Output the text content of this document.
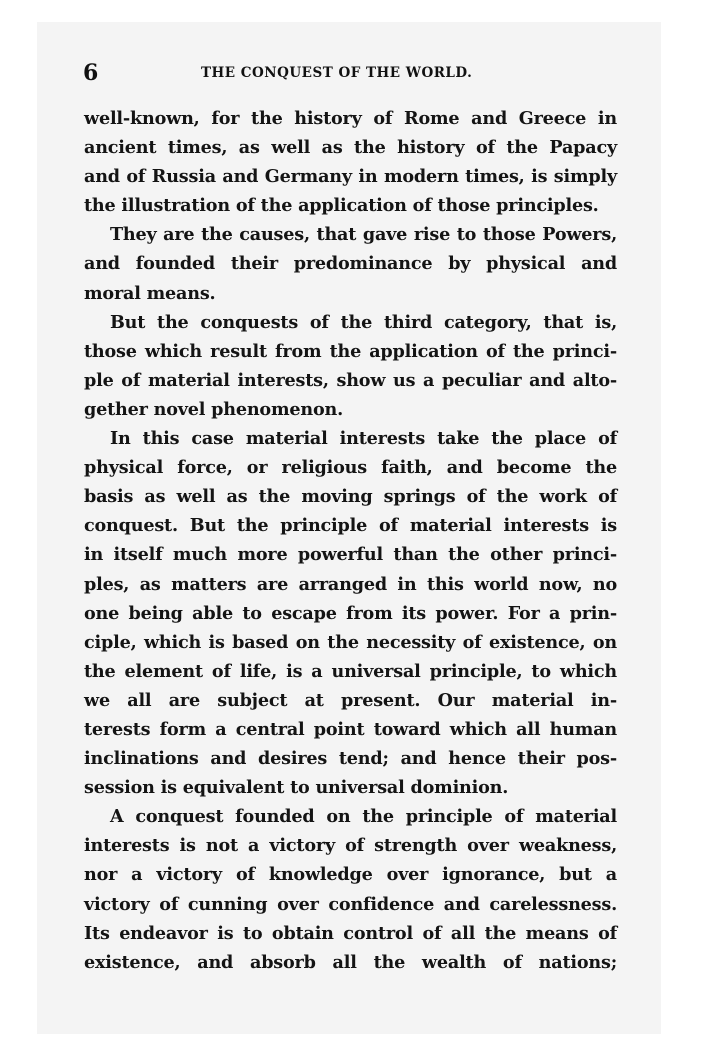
6	THE CONQUEST OF THE WORLD.
well-known, for the history of Rome and Greece in
ancient times, as well as the history of the Papacy
and of Russia and Germany in modern times, is simply
the illustration of the application of those principles.
They are the causes, that gave rise to those Powers,
and founded their predominance by physical and
moral means.
But the conquests of the third category, that is,
those which result from the application of the princi-
ple of material interests, show us a peculiar and alto-
gether novel phenomenon.
In this case material interests take the place of
physical force, or religious faith, and become the
basis as well as the moving springs of the work of
conquest. But the principle of material interests is
in itself much more powerful than the other princi-
ples, as matters are arranged in this world now, no
one being able to escape from its power. For a prin-
ciple, which is based on the necessity of existence, on
the element of life, is a universal principle, to which
we all are subject at present. Our material in-
terests form a central point toward which all human
inclinations and desires tend; and hence their pos-
session is equivalent to universal dominion.
A conquest founded on the principle of material
interests is not a victory of strength over weakness,
nor a victory of knowledge over ignorance, but a
victory of cunning over confidence and carelessness.
Its endeavor is to obtain control of all the means of
existence, and absorb all the wealth of nations;
